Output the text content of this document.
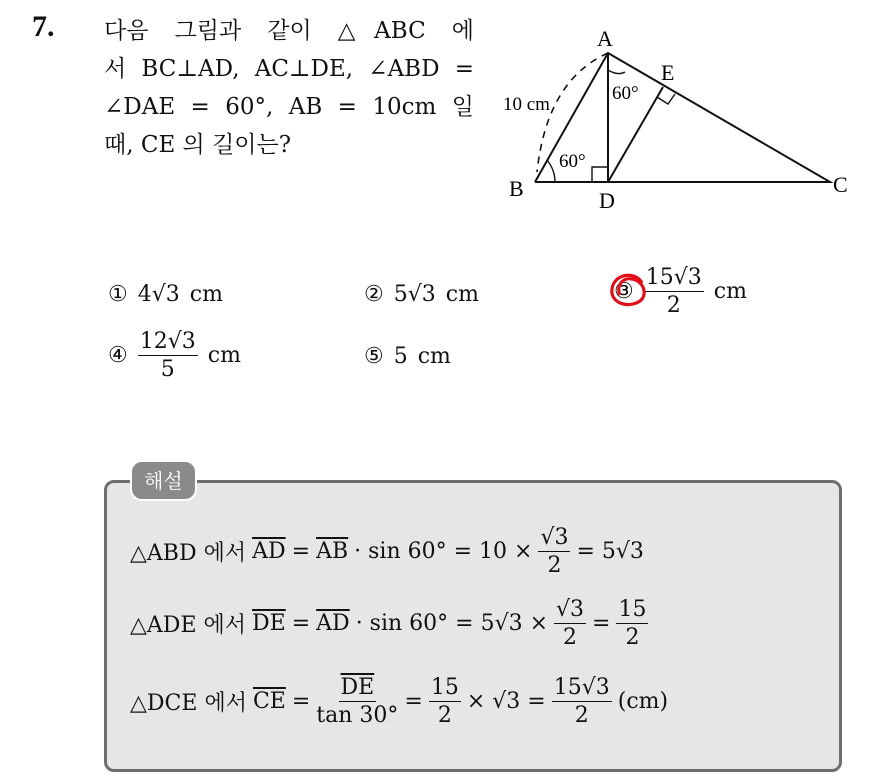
7. 다음 그림과 같이 △ABC 에
서 BC⊥AD, AC⊥DE, ∠ABD =
∠DAE = 60°, AB = 10cm 일
때, CE 의 길이는?
A
B	C
D
E
10 cm
60°
60°
① 4√3 cm	② 5√3 cm	③ $\frac{15√3}{2}$ cm
④ $\frac{12√3}{5}$ cm	⑤ 5 cm
해설
△ABD 에서 $\overline{AD} = \overline{AB} \cdot \sin 60^\circ = 10 \times \frac{√3}{2} = 5√3$
△ADE 에서 $\overline{DE} = \overline{AD} \cdot \sin 60^\circ = 5√3 \times \frac{√3}{2} = \frac{15}{2}$
△DCE 에서 $\overline{CE} = \frac{\overline{DE}}{\tan 30^\circ} = \frac{15}{2} \times √3 = \frac{15√3}{2} (cm)$
